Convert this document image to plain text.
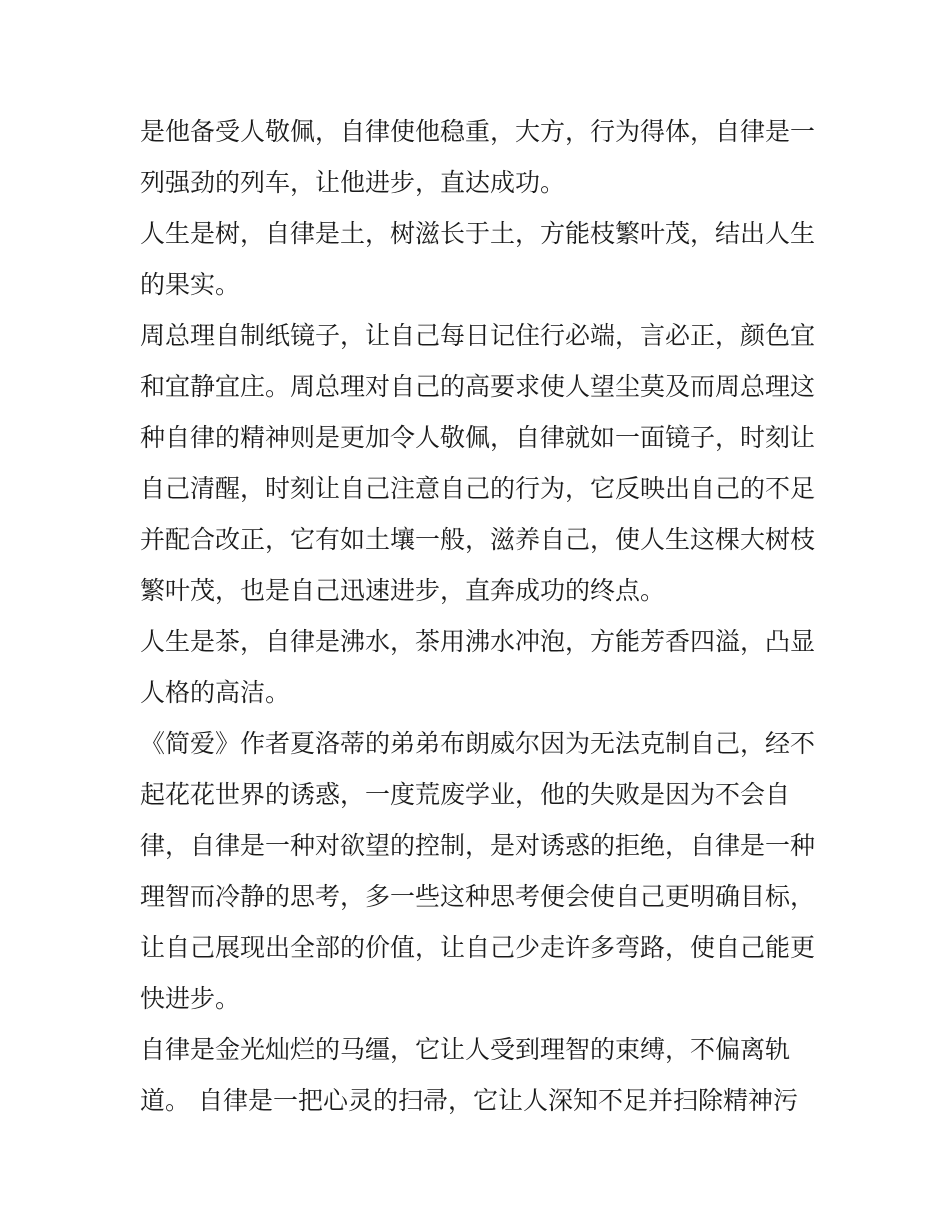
是他备受人敬佩，自律使他稳重，大方，行为得体，自律是一
列强劲的列车，让他进步，直达成功。
人生是树，自律是土，树滋长于土，方能枝繁叶茂，结出人生
的果实。
周总理自制纸镜子，让自己每日记住行必端，言必正，颜色宜
和宜静宜庄。周总理对自己的高要求使人望尘莫及而周总理这
种自律的精神则是更加令人敬佩，自律就如一面镜子，时刻让
自己清醒，时刻让自己注意自己的行为，它反映出自己的不足
并配合改正，它有如土壤一般，滋养自己，使人生这棵大树枝
繁叶茂，也是自己迅速进步，直奔成功的终点。
人生是茶，自律是沸水，茶用沸水冲泡，方能芳香四溢，凸显
人格的高洁。
《简爱》作者夏洛蒂的弟弟布朗威尔因为无法克制自己，经不
起花花世界的诱惑，一度荒废学业，他的失败是因为不会自
律，自律是一种对欲望的控制，是对诱惑的拒绝，自律是一种
理智而冷静的思考，多一些这种思考便会使自己更明确目标，
让自己展现出全部的价值，让自己少走许多弯路，使自己能更
快进步。
自律是金光灿烂的马缰，它让人受到理智的束缚，不偏离轨
道。 自律是一把心灵的扫帚，它让人深知不足并扫除精神污
